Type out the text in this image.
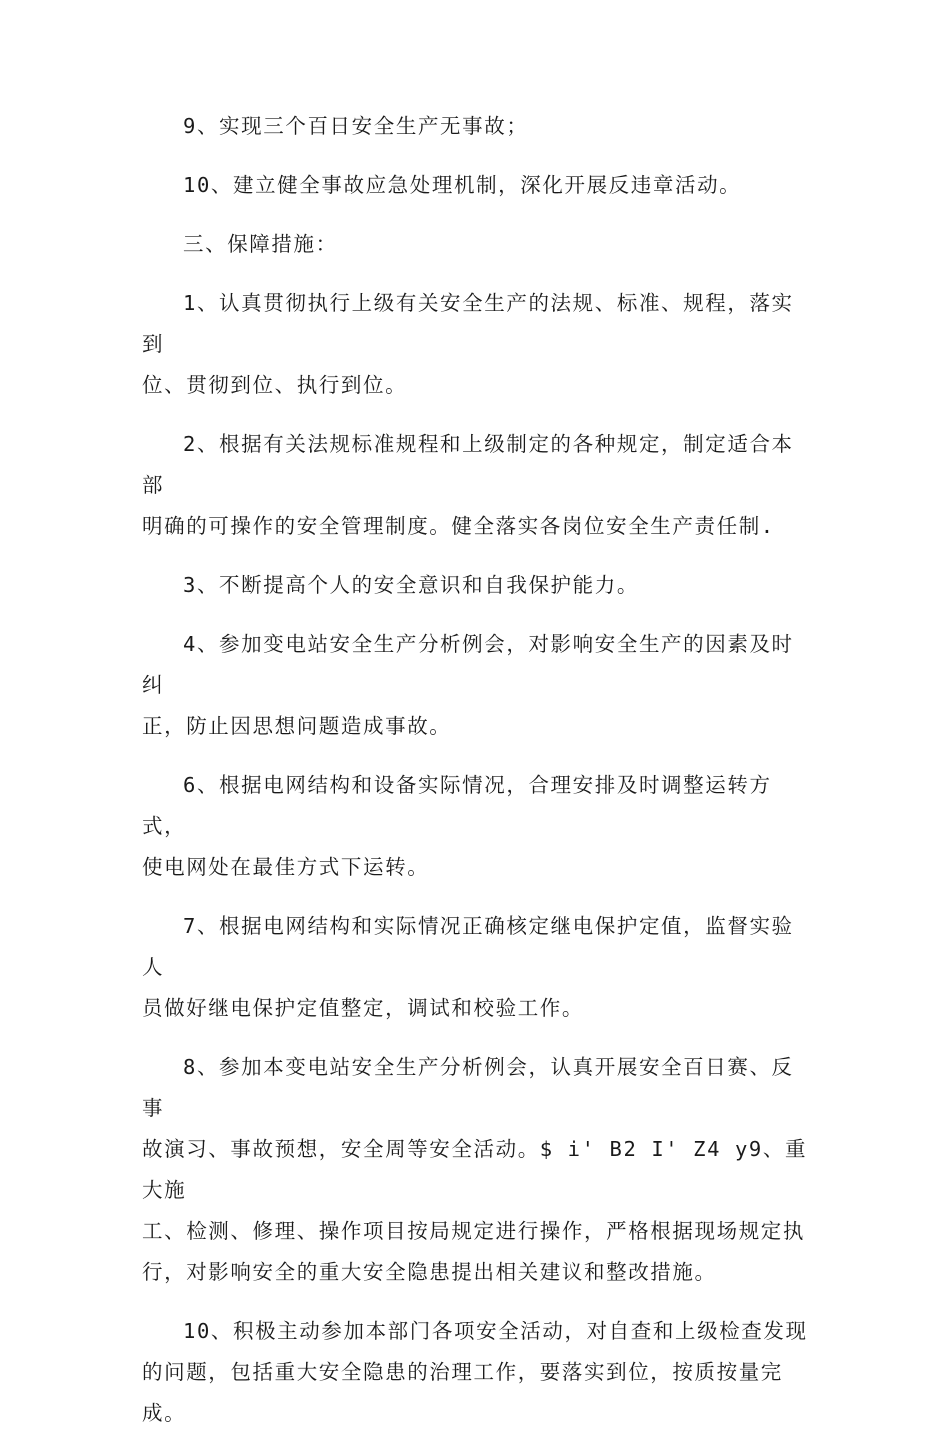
9、实现三个百日安全生产无事故；

10、建立健全事故应急处理机制，深化开展反违章活动。

三、保障措施：

1、认真贯彻执行上级有关安全生产的法规、标准、规程，落实到
位、贯彻到位、执行到位。

2、根据有关法规标准规程和上级制定的各种规定，制定适合本部
明确的可操作的安全管理制度。健全落实各岗位安全生产责任制.

3、不断提高个人的安全意识和自我保护能力。

4、参加变电站安全生产分析例会，对影响安全生产的因素及时纠
正，防止因思想问题造成事故。

6、根据电网结构和设备实际情况，合理安排及时调整运转方式，
使电网处在最佳方式下运转。

7、根据电网结构和实际情况正确核定继电保护定值，监督实验人
员做好继电保护定值整定，调试和校验工作。

8、参加本变电站安全生产分析例会，认真开展安全百日赛、反事
故演习、事故预想，安全周等安全活动。$ i' B2 I' Z4 y9、重大施
工、检测、修理、操作项目按局规定进行操作，严格根据现场规定执
行，对影响安全的重大安全隐患提出相关建议和整改措施。

10、积极主动参加本部门各项安全活动，对自查和上级检查发现
的问题，包括重大安全隐患的治理工作，要落实到位，按质按量完
成。
